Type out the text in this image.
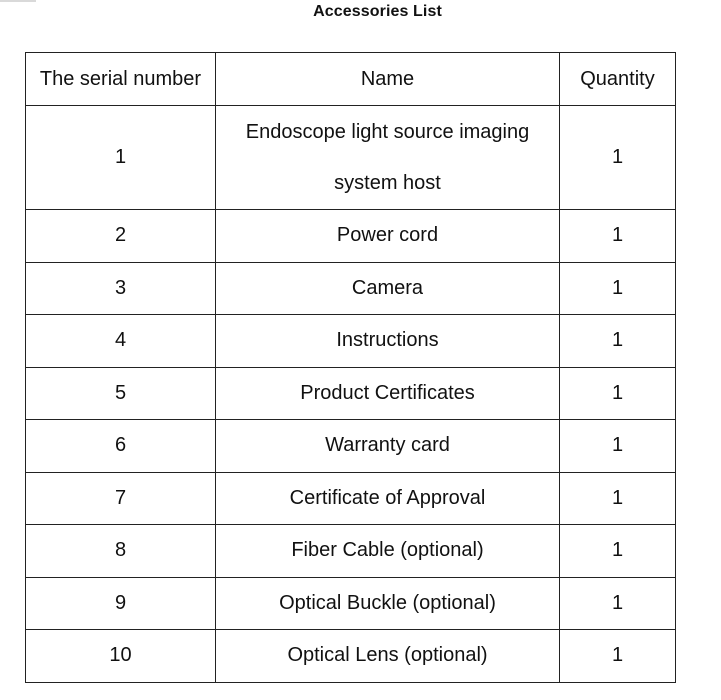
Accessories List
The serial number	Name	Quantity
1	Endoscope light source imaging system host	1
2	Power cord	1
3	Camera	1
4	Instructions	1
5	Product Certificates	1
6	Warranty card	1
7	Certificate of Approval	1
8	Fiber Cable (optional)	1
9	Optical Buckle (optional)	1
10	Optical Lens (optional)	1
